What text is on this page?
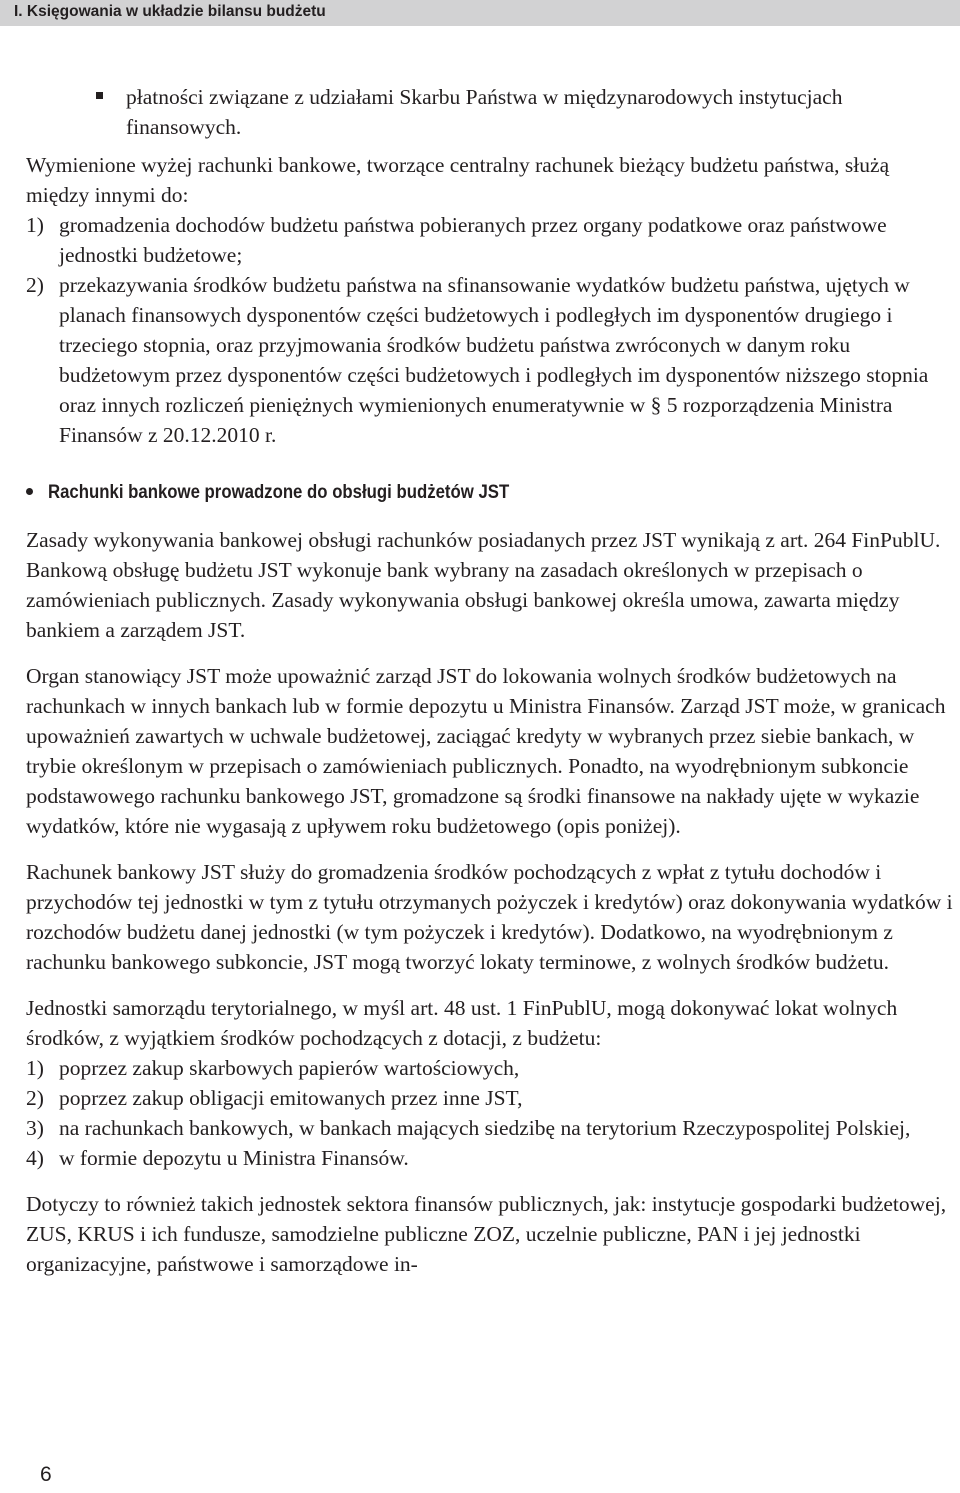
I. Księgowania w układzie bilansu budżetu
płatności związane z udziałami Skarbu Państwa w międzynarodowych instytucjach finansowych.

Wymienione wyżej rachunki bankowe, tworzące centralny rachunek bieżący budżetu państwa, służą między innymi do:

1) gromadzenia dochodów budżetu państwa pobieranych przez organy podatkowe oraz państwowe jednostki budżetowe;
2) przekazywania środków budżetu państwa na sfinansowanie wydatków budżetu państwa, ujętych w planach finansowych dysponentów części budżetowych i podległych im dysponentów drugiego i trzeciego stopnia, oraz przyjmowania środków budżetu państwa zwróconych w danym roku budżetowym przez dysponentów części budżetowych i podległych im dysponentów niższego stopnia oraz innych rozliczeń pieniężnych wymienionych enumeratywnie w § 5 rozporządzenia Ministra Finansów z 20.12.2010 r.
Rachunki bankowe prowadzone do obsługi budżetów JST

Zasady wykonywania bankowej obsługi rachunków posiadanych przez JST wynikają z art. 264 FinPublU. Bankową obsługę budżetu JST wykonuje bank wybrany na zasadach określonych w przepisach o zamówieniach publicznych. Zasady wykonywania obsługi bankowej określa umowa, zawarta między bankiem a zarządem JST.

Organ stanowiący JST może upoważnić zarząd JST do lokowania wolnych środków budżetowych na rachunkach w innych bankach lub w formie depozytu u Ministra Finansów. Zarząd JST może, w granicach upoważnień zawartych w uchwale budżetowej, zaciągać kredyty w wybranych przez siebie bankach, w trybie określonym w przepisach o zamówieniach publicznych. Ponadto, na wyodrębnionym subkoncie podstawowego rachunku bankowego JST, gromadzone są środki finansowe na nakłady ujęte w wykazie wydatków, które nie wygasają z upływem roku budżetowego (opis poniżej).

Rachunek bankowy JST służy do gromadzenia środków pochodzących z wpłat z tytułu dochodów i przychodów tej jednostki w tym z tytułu otrzymanych pożyczek i kredytów) oraz dokonywania wydatków i rozchodów budżetu danej jednostki (w tym pożyczek i kredytów). Dodatkowo, na wyodrębnionym z rachunku bankowego subkoncie, JST mogą tworzyć lokaty terminowe, z wolnych środków budżetu.

Jednostki samorządu terytorialnego, w myśl art. 48 ust. 1 FinPublU, mogą dokonywać lokat wolnych środków, z wyjątkiem środków pochodzących z dotacji, z budżetu:

1) poprzez zakup skarbowych papierów wartościowych,
2) poprzez zakup obligacji emitowanych przez inne JST,
3) na rachunkach bankowych, w bankach mających siedzibę na terytorium Rzeczypospolitej Polskiej,
4) w formie depozytu u Ministra Finansów.

Dotyczy to również takich jednostek sektora finansów publicznych, jak: instytucje gospodarki budżetowej, ZUS, KRUS i ich fundusze, samodzielne publiczne ZOZ, uczelnie publiczne, PAN i jej jednostki organizacyjne, państwowe i samorządowe in-

6
